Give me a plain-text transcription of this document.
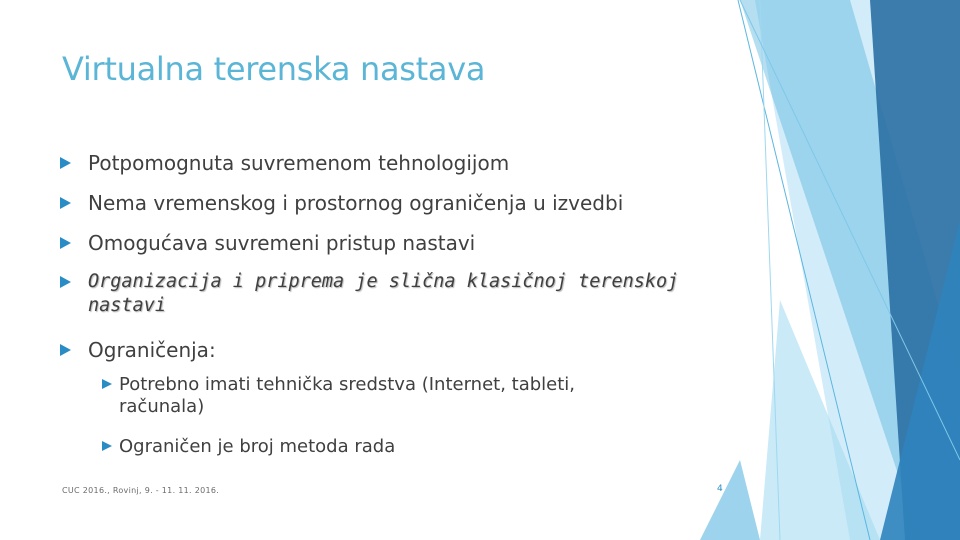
Virtualna terenska nastava
Potpomognuta suvremenom tehnologijom
Nema vremenskog i prostornog ograničenja u izvedbi
Omogućava suvremeni pristup nastavi
Organizacija i priprema je slična klasičnoj terenskoj nastavi
Ograničenja:
Potrebno imati tehnička sredstva (Internet, tableti, računala)
Ograničen je broj metoda rada
CUC 2016., Rovinj, 9. - 11. 11. 2016.	4
